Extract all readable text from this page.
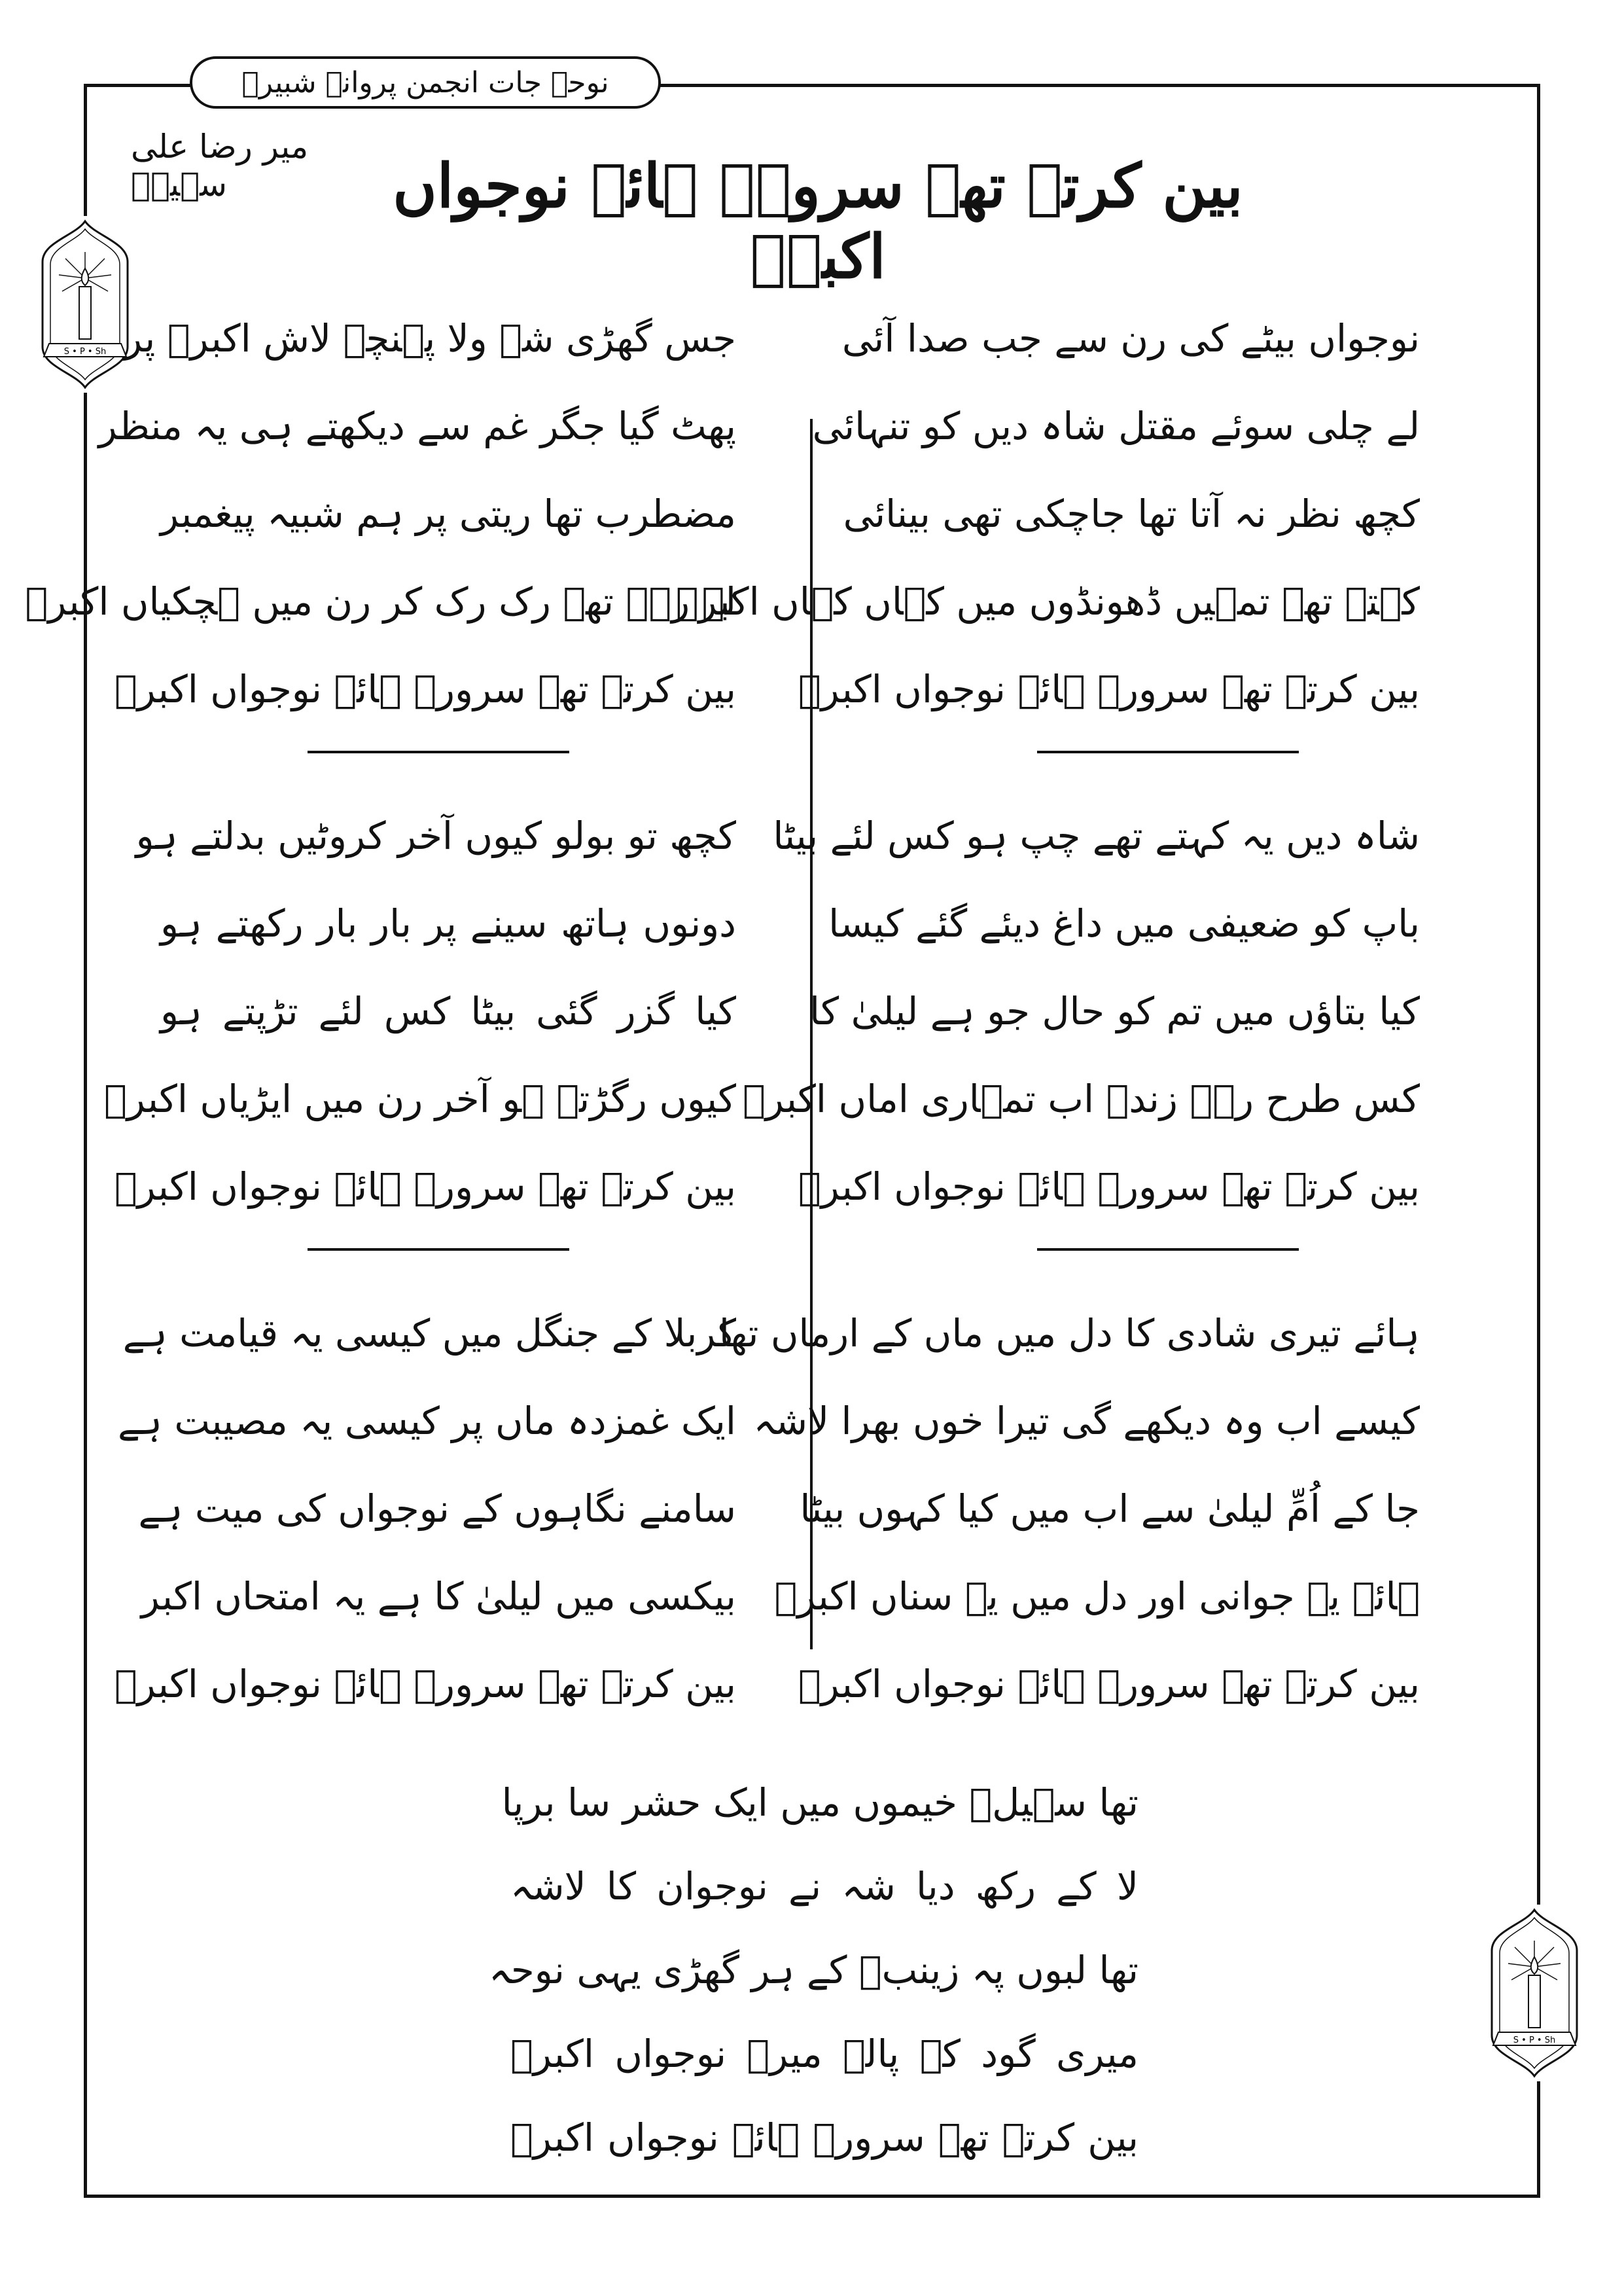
نوحہ جات انجمن پروانۂ شبیرؑ
میر رضا علی سہیلؔ	بین کرتے تھے سرورؑ ہائے نوجواں اکبرؑ
S • P • Sh
S • P • Sh
نوجواں بیٹے کی رن سے جب صدا آئی
لے چلی سوئے مقتل شاہ دیں کو تنہائی
کچھ نظر نہ آتا تھا جاچکی تھی بینائی
کہتے تھے تمہیں ڈھونڈوں میں کہاں کہاں اکبرؑ
بین کرتے تھے سرورؑ ہائے نوجواں اکبرؑ
شاہ دیں یہ کہتے تھے چپ ہو کس لئے بیٹا
باپ کو ضعیفی میں داغ دیئے گئے کیسا
کیا بتاؤں میں تم کو حال جو ہے لیلیٰ کا
کس طرح رہے زندہ اب تمہاری اماں اکبرؑ
بین کرتے تھے سرورؑ ہائے نوجواں اکبرؑ
ہائے تیری شادی کا دل میں ماں کے ارماں تھا
کیسے اب وہ دیکھے گی تیرا خوں بھرا لاشہ
جا کے اُمِّ لیلیٰ سے اب میں کیا کہوں بیٹا
ہائے یہ جوانی اور دل میں یہ سناں اکبرؑ
بین کرتے تھے سرورؑ ہائے نوجواں اکبرؑ
جس گھڑی شہ ولا پہنچے لاش اکبرؑ پر
پھٹ گیا جگر غم سے دیکھتے ہی یہ منظر
مضطرب تھا ریتی پر ہم شبیہ پیغمبر
لے رہے تھے رک رک کر رن میں ہچکیاں اکبرؑ
بین کرتے تھے سرورؑ ہائے نوجواں اکبرؑ
کچھ تو بولو کیوں آخر کروٹیں بدلتے ہو
دونوں ہاتھ سینے پر بار بار رکھتے ہو
کیا گزر گئی بیٹا کس لئے تڑپتے ہو
کیوں رگڑتے ہو آخر رن میں ایڑیاں اکبرؑ
بین کرتے تھے سرورؑ ہائے نوجواں اکبرؑ
کربلا کے جنگل میں کیسی یہ قیامت ہے
ایک غمزدہ ماں پر کیسی یہ مصیبت ہے
سامنے نگاہوں کے نوجواں کی میت ہے
بیکسی میں لیلیٰ کا ہے یہ امتحاں اکبر
بین کرتے تھے سرورؑ ہائے نوجواں اکبرؑ
تھا سہیلؔ خیموں میں ایک حشر سا برپا
لا کے رکھ دیا شہ نے نوجوان کا لاشہ
تھا لبوں پہ زینبؑ کے ہر گھڑی یہی نوحہ
میری گود کے پالے میرے نوجواں اکبرؑ
بین کرتے تھے سرورؑ ہائے نوجواں اکبرؑ
